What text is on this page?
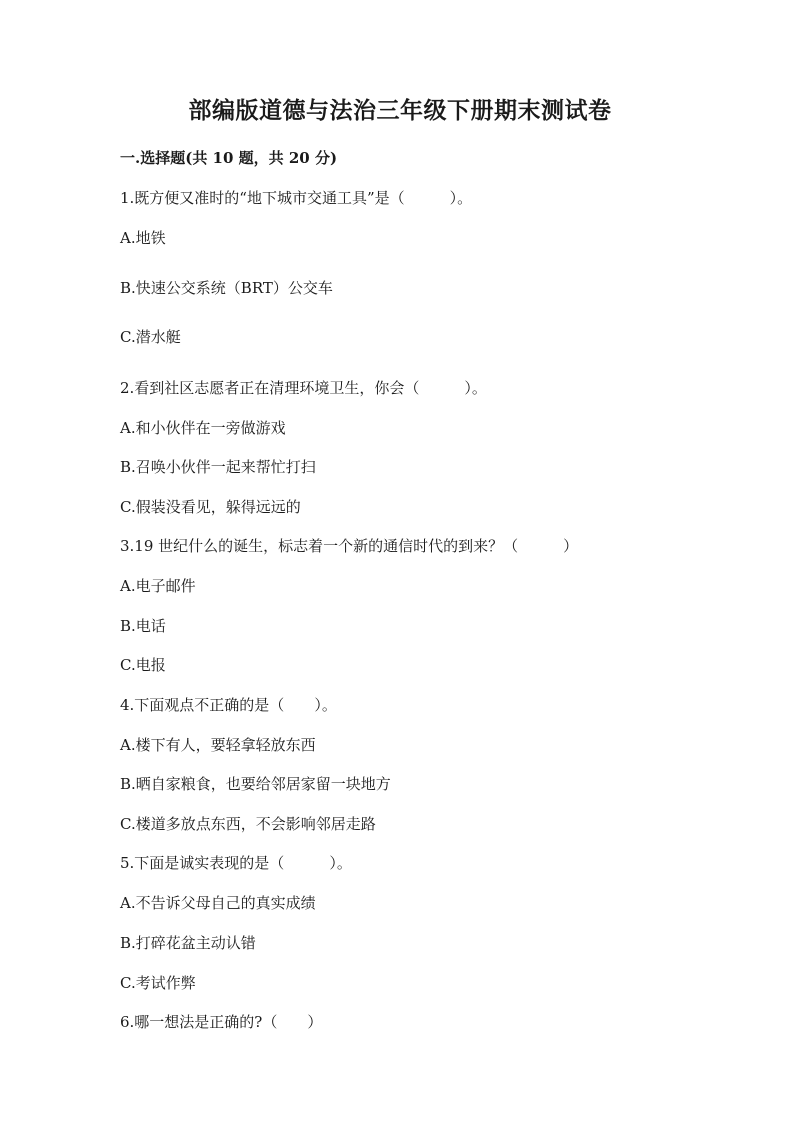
部编版道德与法治三年级下册期末测试卷
一.选择题(共 10 题，共 20 分)
1.既方便又准时的“地下城市交通工具”是（　　　）。
A.地铁
B.快速公交系统（BRT）公交车
C.潜水艇
2.看到社区志愿者正在清理环境卫生，你会（　　　）。
A.和小伙伴在一旁做游戏
B.召唤小伙伴一起来帮忙打扫
C.假装没看见，躲得远远的
3.19 世纪什么的诞生，标志着一个新的通信时代的到来？（　　　）
A.电子邮件
B.电话
C.电报
4.下面观点不正确的是（　　）。
A.楼下有人，要轻拿轻放东西
B.晒自家粮食，也要给邻居家留一块地方
C.楼道多放点东西，不会影响邻居走路
5.下面是诚实表现的是（　　　）。
A.不告诉父母自己的真实成绩
B.打碎花盆主动认错
C.考试作弊
6.哪一想法是正确的?（　　）
